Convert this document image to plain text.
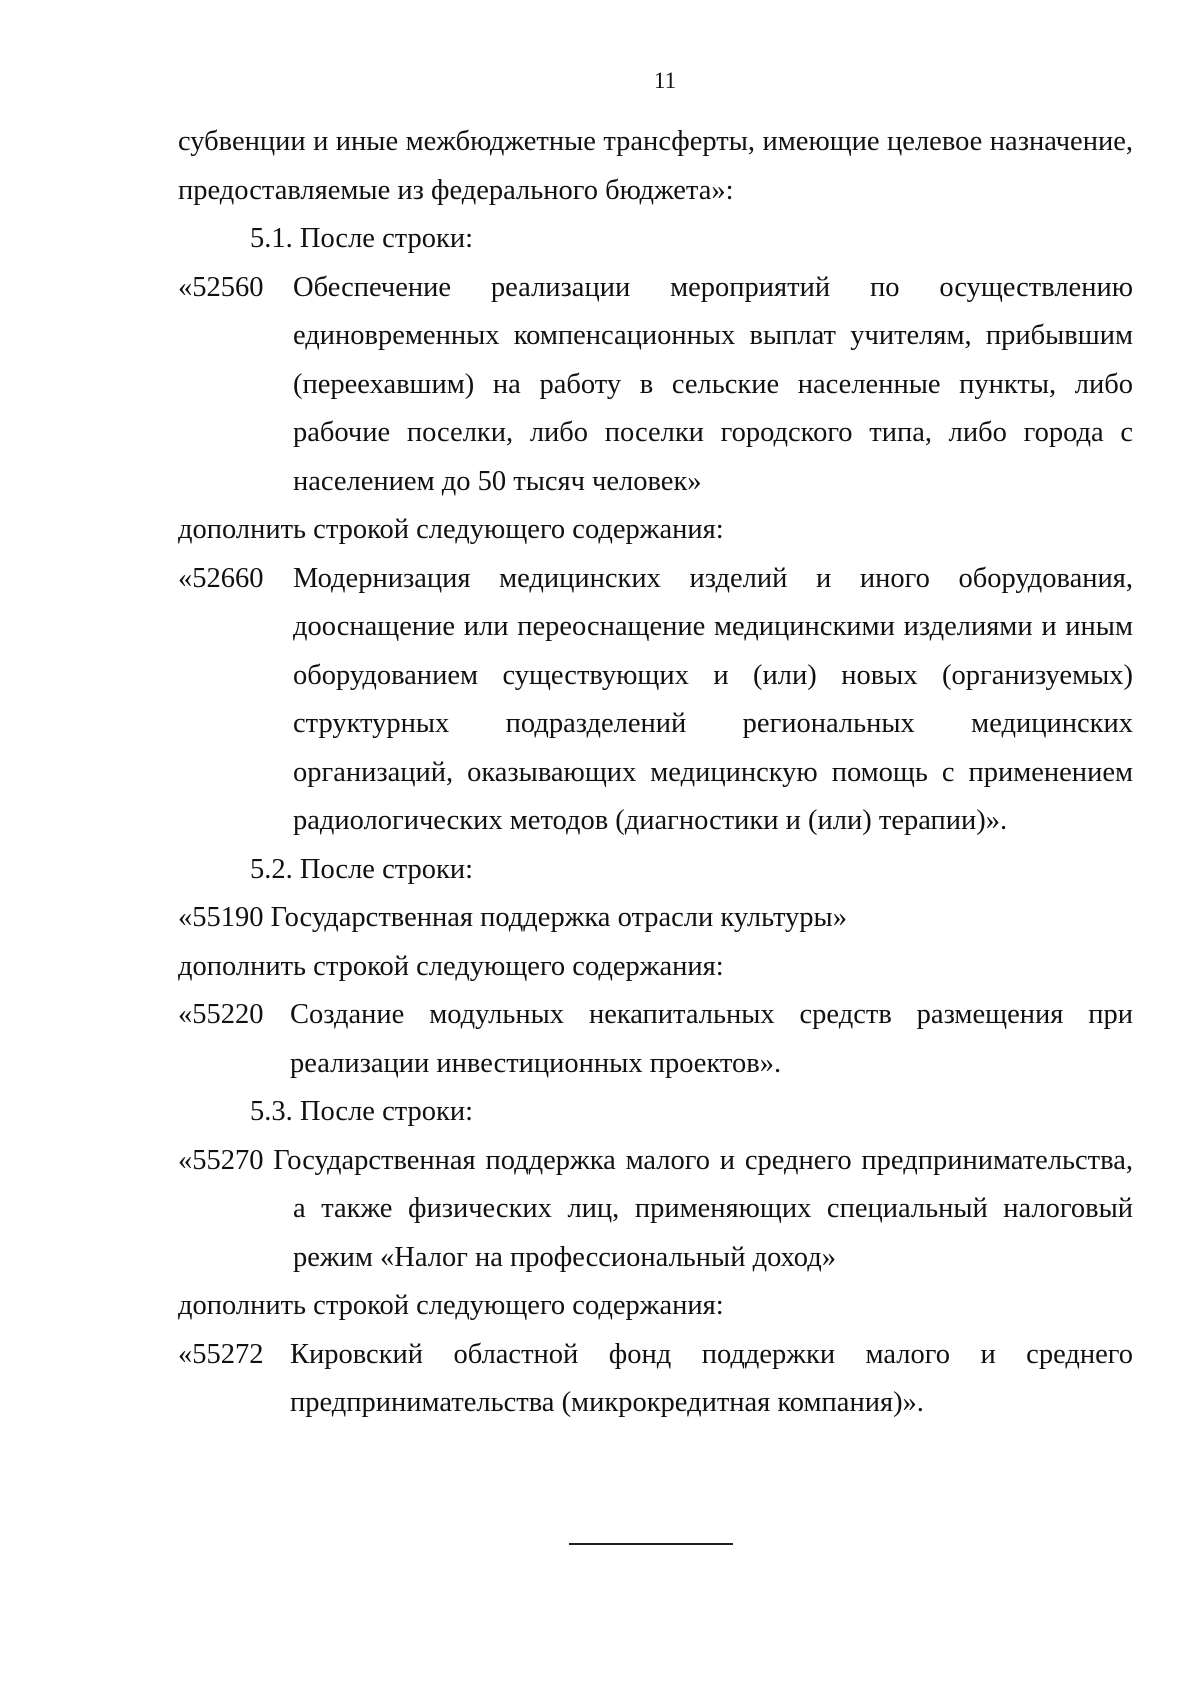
11

субвенции и иные межбюджетные трансферты, имеющие целевое назначение, предоставляемые из федерального бюджета»:

5.1. После строки:

«52560	Обеспечение реализации мероприятий по осуществлению единовременных компенсационных выплат учителям, прибывшим (переехавшим) на работу в сельские населенные пункты, либо рабочие поселки, либо поселки городского типа, либо города с населением до 50 тысяч человек»

дополнить строкой следующего содержания:

«52660	Модернизация медицинских изделий и иного оборудования, дооснащение или переоснащение медицинскими изделиями и иным оборудованием существующих и (или) новых (организуемых) структурных подразделений региональных медицинских организаций, оказывающих медицинскую помощь с применением радиологических методов (диагностики и (или) терапии)».

5.2. После строки:

«55190 Государственная поддержка отрасли культуры»

дополнить строкой следующего содержания:

«55220 Создание модульных некапитальных средств размещения при реализации инвестиционных проектов».

5.3. После строки:

«55270 Государственная поддержка малого и среднего предпринимательства, а также физических лиц, применяющих специальный налоговый режим «Налог на профессиональный доход»

дополнить строкой следующего содержания:

«55272 Кировский областной фонд поддержки малого и среднего предпринимательства (микрокредитная компания)».
